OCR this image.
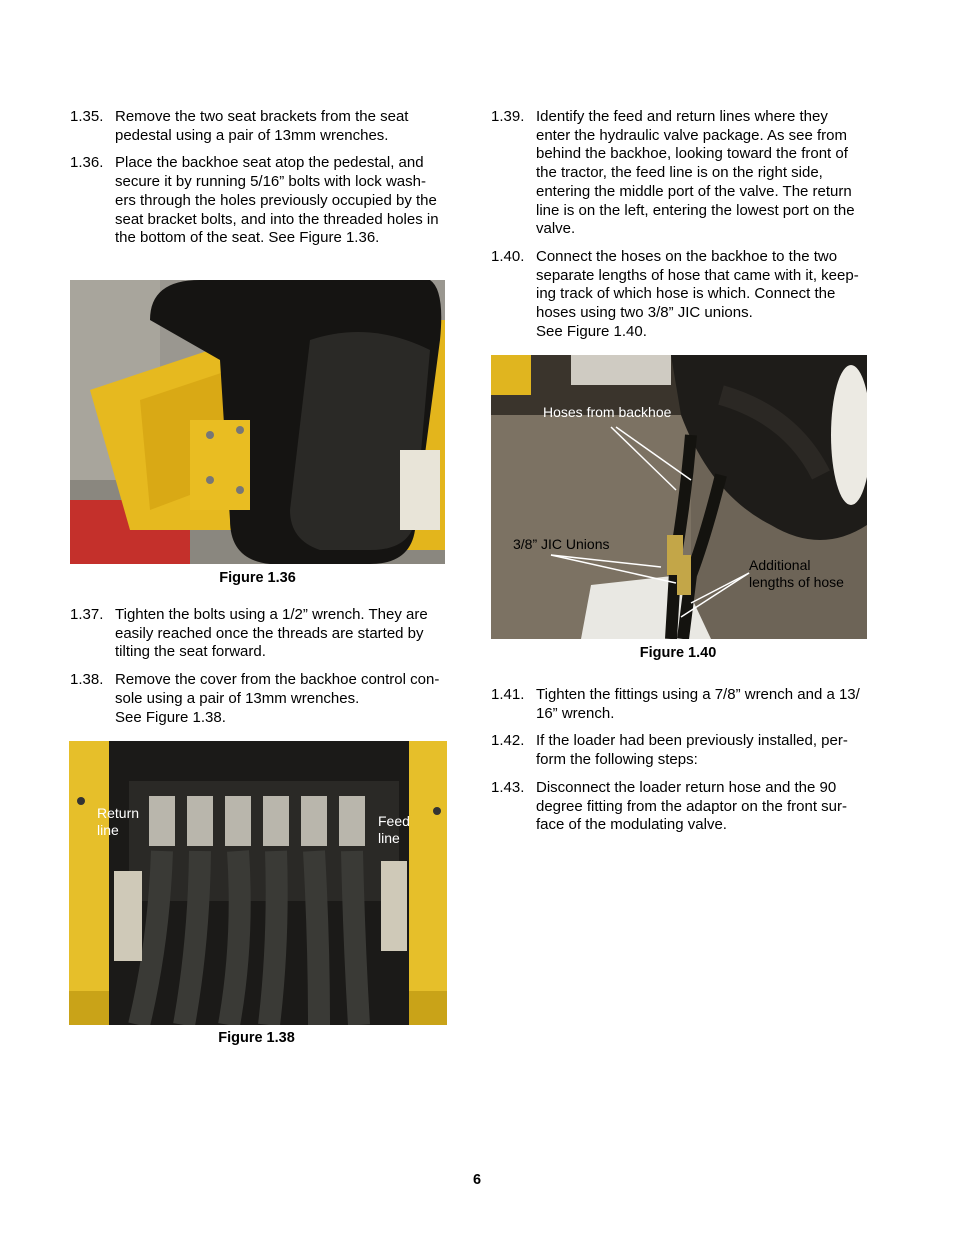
1.35. Remove the two seat brackets from the seat
pedestal using a pair of 13mm wrenches.
1.36. Place the backhoe seat atop the pedestal, and
secure it by running 5/16” bolts with lock wash-
ers through the holes previously occupied by the
seat bracket bolts, and into the threaded holes in
the bottom of the seat. See Figure 1.36.
Figure 1.36
1.37. Tighten the bolts using a 1/2” wrench. They are
easily reached once the threads are started by
tilting the seat forward.
1.38. Remove the cover from the backhoe control con-
sole using a pair of 13mm wrenches.
See Figure 1.38.
Return
line
Feed
line
Figure 1.38
1.39. Identify the feed and return lines where they
enter the hydraulic valve package. As see from
behind the backhoe, looking toward the front of
the tractor, the feed line is on the right side,
entering the middle port of the valve. The return
line is on the left, entering the lowest port on the
valve.
1.40. Connect the hoses on the backhoe to the two
separate lengths of hose that came with it, keep-
ing track of which hose is which. Connect the
hoses using two 3/8” JIC unions.
See Figure 1.40.
Hoses from backhoe
3/8” JIC Unions
Additional
lengths of hose
Figure 1.40
1.41. Tighten the fittings using a 7/8” wrench and a 13/
16” wrench.
1.42. If the loader had been previously installed, per-
form the following steps:
1.43. Disconnect the loader return hose and the 90
degree fitting from the adaptor on the front sur-
face of the modulating valve.
6
